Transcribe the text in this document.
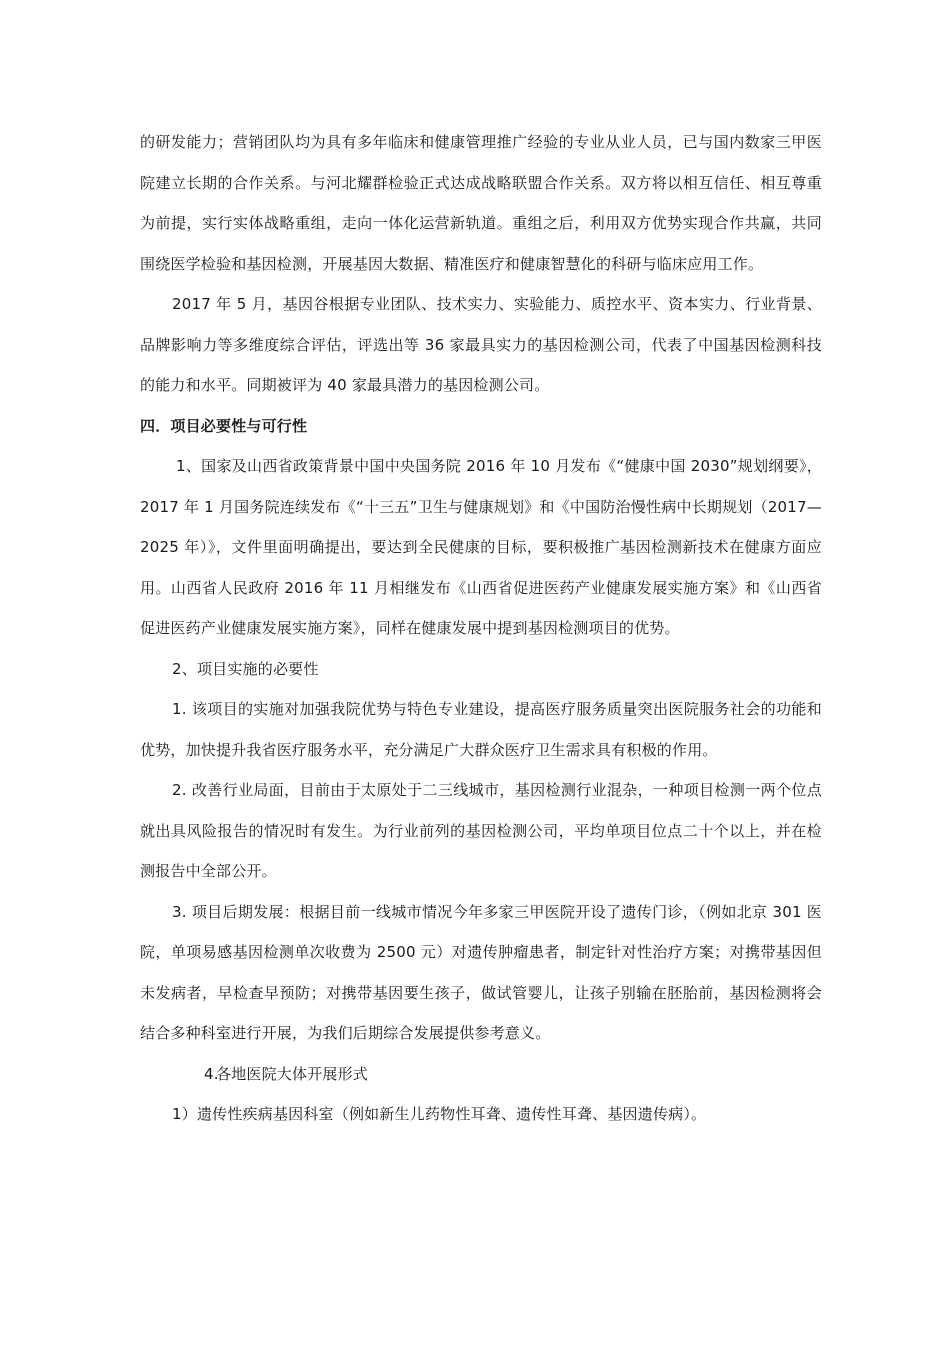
的研发能力；营销团队均为具有多年临床和健康管理推广经验的专业从业人员，已与国内数家三甲医院建立长期的合作关系。与河北耀群检验正式达成战略联盟合作关系。双方将以相互信任、相互尊重为前提，实行实体战略重组，走向一体化运营新轨道。重组之后，利用双方优势实现合作共赢，共同围绕医学检验和基因检测，开展基因大数据、精准医疗和健康智慧化的科研与临床应用工作。

2017 年 5 月，基因谷根据专业团队、技术实力、实验能力、质控水平、资本实力、行业背景、品牌影响力等多维度综合评估，评选出等 36 家最具实力的基因检测公司，代表了中国基因检测科技的能力和水平。同期被评为 40 家最具潜力的基因检测公司。

四．项目必要性与可行性

1、国家及山西省政策背景中国中央国务院 2016 年 10 月发布《“健康中国 2030”规划纲要》， 2017 年 1 月国务院连续发布《“十三五”卫生与健康规划》和《中国防治慢性病中长期规划（2017—2025 年）》，文件里面明确提出，要达到全民健康的目标，要积极推广基因检测新技术在健康方面应用。山西省人民政府 2016 年 11 月相继发布《山西省促进医药产业健康发展实施方案》和《山西省促进医药产业健康发展实施方案》，同样在健康发展中提到基因检测项目的优势。

2、项目实施的必要性

1. 该项目的实施对加强我院优势与特色专业建设，提高医疗服务质量突出医院服务社会的功能和优势，加快提升我省医疗服务水平，充分满足广大群众医疗卫生需求具有积极的作用。

2. 改善行业局面，目前由于太原处于二三线城市，基因检测行业混杂，一种项目检测一两个位点就出具风险报告的情况时有发生。为行业前列的基因检测公司，平均单项目位点二十个以上，并在检测报告中全部公开。

3. 项目后期发展：根据目前一线城市情况今年多家三甲医院开设了遗传门诊，（例如北京 301 医院，单项易感基因检测单次收费为 2500 元）对遗传肿瘤患者，制定针对性治疗方案；对携带基因但未发病者，早检查早预防；对携带基因要生孩子，做试管婴儿，让孩子别输在胚胎前，基因检测将会结合多种科室进行开展，为我们后期综合发展提供参考意义。

4.各地医院大体开展形式

1）遗传性疾病基因科室（例如新生儿药物性耳聋、遗传性耳聋、基因遗传病）。
